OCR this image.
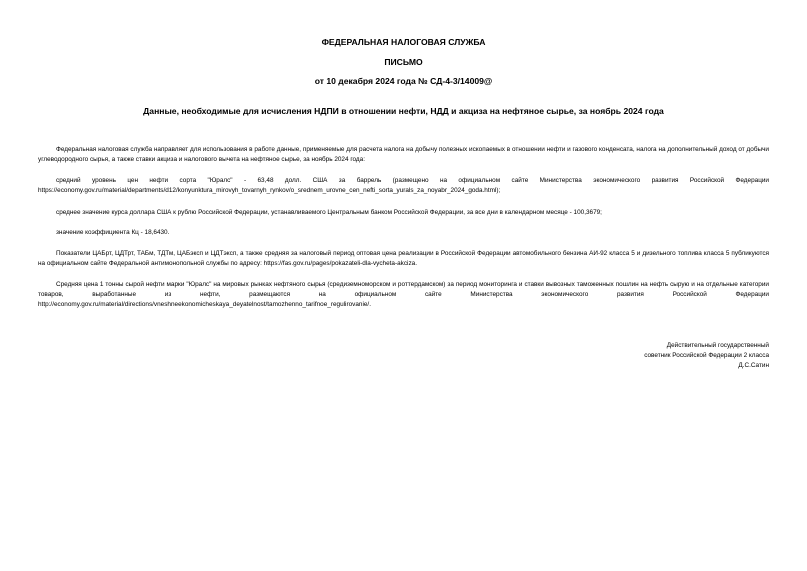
ФЕДЕРАЛЬНАЯ НАЛОГОВАЯ СЛУЖБА
ПИСЬМО
от 10 декабря 2024 года № СД-4-3/14009@
Данные, необходимые для исчисления НДПИ в отношении нефти, НДД и акциза на нефтяное сырье, за ноябрь 2024 года

Федеральная налоговая служба направляет для использования в работе данные, применяемые для расчета налога на добычу полезных ископаемых в отношении нефти и газового конденсата, налога на дополнительный доход от добычи углеводородного сырья, а также ставки акциза и налогового вычета на нефтяное сырье, за ноябрь 2024 года:

средний уровень цен нефти сорта "Юралс" - 63,48 долл. США за баррель (размещено на официальном сайте Министерства экономического развития Российской Федерации https://economy.gov.ru/material/departments/d12/konyunktura_mirovyh_tovarnyh_rynkov/o_srednem_urovne_cen_nefti_sorta_yurals_za_noyabr_2024_goda.html);

среднее значение курса доллара США к рублю Российской Федерации, устанавливаемого Центральным банком Российской Федерации, за все дни в календарном месяце - 100,3679;

значение коэффициента Кц - 18,6430.

Показатели ЦАБрт, ЦДТрт, ТАБм, ТДТм, ЦАБэксп и ЦДТэксп, а также средняя за налоговый период оптовая цена реализации в Российской Федерации автомобильного бензина АИ-92 класса 5 и дизельного топлива класса 5 публикуются на официальном сайте Федеральной антимонопольной службы по адресу: https://fas.gov.ru/pages/pokazateli-dla-vycheta-akciza.

Средняя цена 1 тонны сырой нефти марки "Юралс" на мировых рынках нефтяного сырья (средиземноморском и роттердамском) за период мониторинга и ставки вывозных таможенных пошлин на нефть сырую и на отдельные категории товаров, выработанные из нефти, размещаются на официальном сайте Министерства экономического развития Российской Федерации http://economy.gov.ru/material/directions/vneshneekonomicheskaya_deyatelnost/tamozhenno_tarifnoe_regulirovanie/.

Действительный государственный
советник Российской Федерации 2 класса
Д.С.Сатин
